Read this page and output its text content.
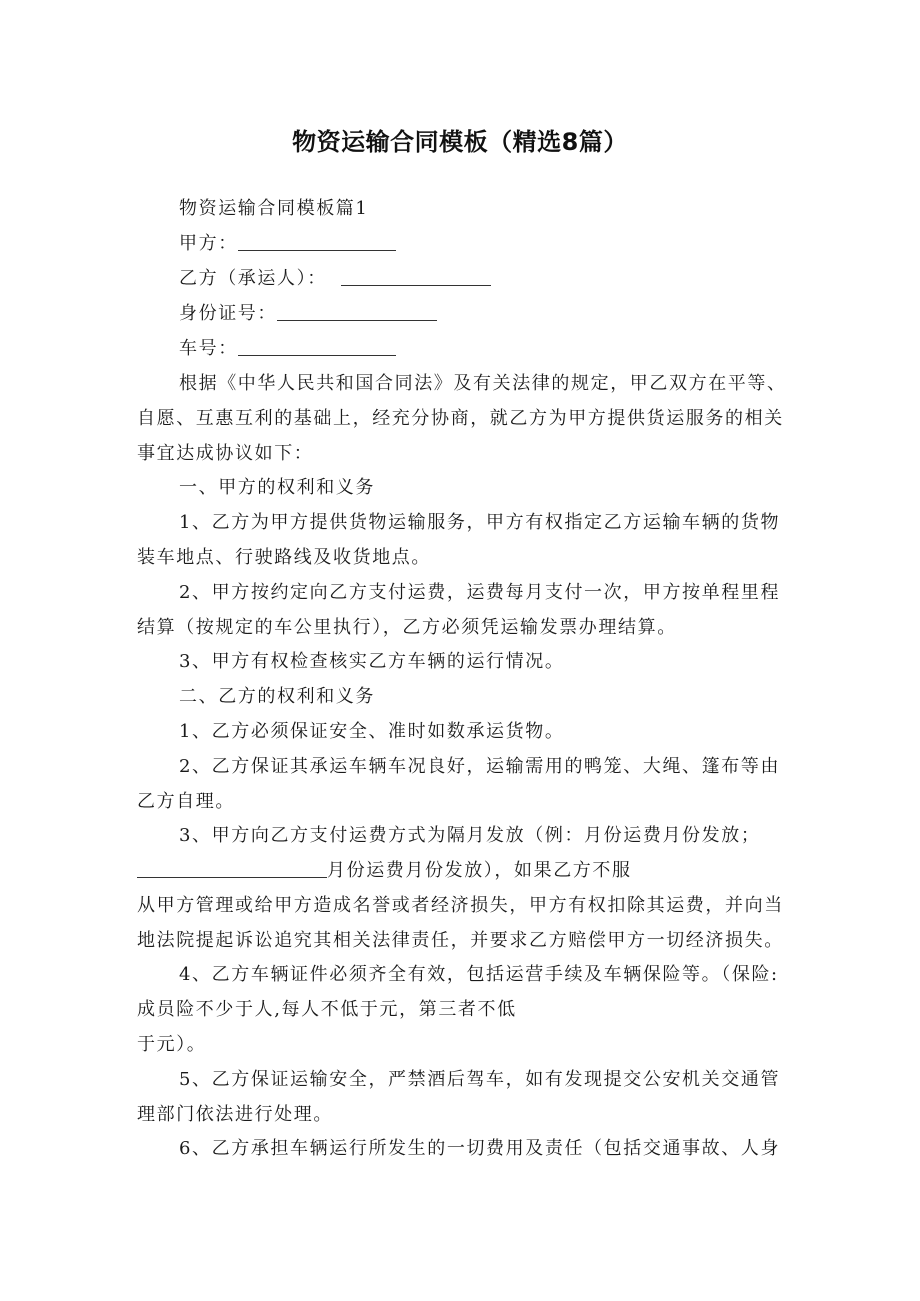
物资运输合同模板（精选8篇）
物资运输合同模板篇1
甲方：
乙方（承运人）：
身份证号：
车号：
根据《中华人民共和国合同法》及有关法律的规定，甲乙双方在平等、
自愿、互惠互利的基础上，经充分协商，就乙方为甲方提供货运服务的相关
事宜达成协议如下：
一、甲方的权利和义务
1、乙方为甲方提供货物运输服务，甲方有权指定乙方运输车辆的货物
装车地点、行驶路线及收货地点。
2、甲方按约定向乙方支付运费，运费每月支付一次，甲方按单程里程
结算（按规定的车公里执行），乙方必须凭运输发票办理结算。
3、甲方有权检查核实乙方车辆的运行情况。
二、乙方的权利和义务
1、乙方必须保证安全、准时如数承运货物。
2、乙方保证其承运车辆车况良好，运输需用的鸭笼、大绳、篷布等由
乙方自理。
3、甲方向乙方支付运费方式为隔月发放（例：月份运费月份发放；
月份运费月份发放），如果乙方不服
从甲方管理或给甲方造成名誉或者经济损失，甲方有权扣除其运费，并向当
地法院提起诉讼追究其相关法律责任，并要求乙方赔偿甲方一切经济损失。
4、乙方车辆证件必须齐全有效，包括运营手续及车辆保险等。（保险:
成员险不少于人,每人不低于元，第三者不低
于元）。
5、乙方保证运输安全，严禁酒后驾车，如有发现提交公安机关交通管
理部门依法进行处理。
6、乙方承担车辆运行所发生的一切费用及责任（包括交通事故、人身
